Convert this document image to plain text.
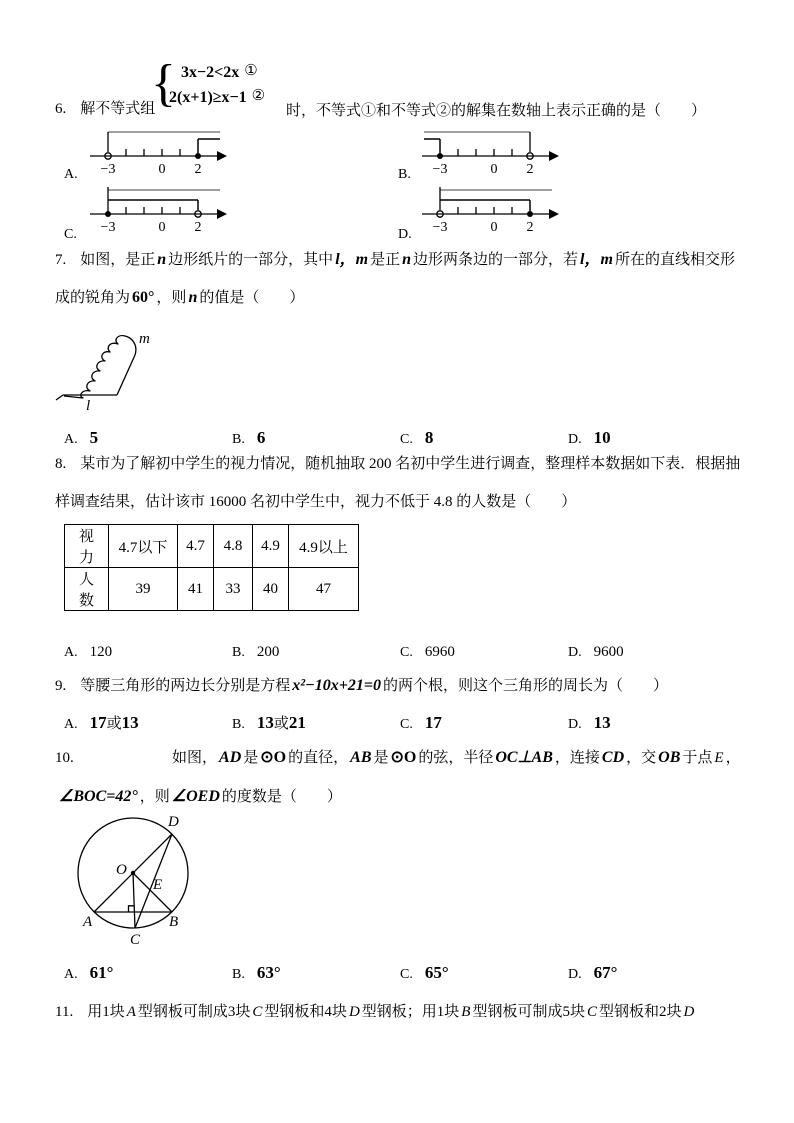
{ 3x−2<2x ①
2(x+1)≥x−1 ②
6. 解不等式组	时，不等式①和不等式②的解集在数轴上表示正确的是（　　）
A.	B.
C.	D.
−3	0 2	−3	0 2
−3	0 2	−3	0 2
7. 如图，是正 n 边形纸片的一部分，其中 l，m 是正 n 边形两条边的一部分，若 l，m 所在的直线相交形
成的锐角为 60° ，则 n 的值是（　　）
l
m
A. 5	B. 6	C. 8	D. 10
8. 某市为了解初中学生的视力情况，随机抽取 200 名初中学生进行调查，整理样本数据如下表．根据抽
样调查结果，估计该市 16000 名初中学生中，视力不低于 4.8 的人数是（　　）
视力	4.7以下	4.7	4.8	4.9	4.9以上
人数	39	41	33	40	47
A. 120	B. 200	C. 6960	D. 9600
9. 等腰三角形的两边长分别是方程 x²−10x+21=0 的两个根，则这个三角形的周长为（　　）
A. 17或13	B. 13或21	C. 17	D. 13
10.	如图， AD 是 ⊙O 的直径， AB 是 ⊙O 的弦，半径 OC⊥AB ，连接 CD ，交 OB 于点 E ，
∠BOC=42° ，则 ∠OED 的度数是（　　）
D
O
E
A	B
C
A. 61°	B. 63°	C. 65°	D. 67°
11. 用1块 A 型钢板可制成3块 C 型钢板和4块 D 型钢板；用1块 B 型钢板可制成5块 C 型钢板和2块 D
